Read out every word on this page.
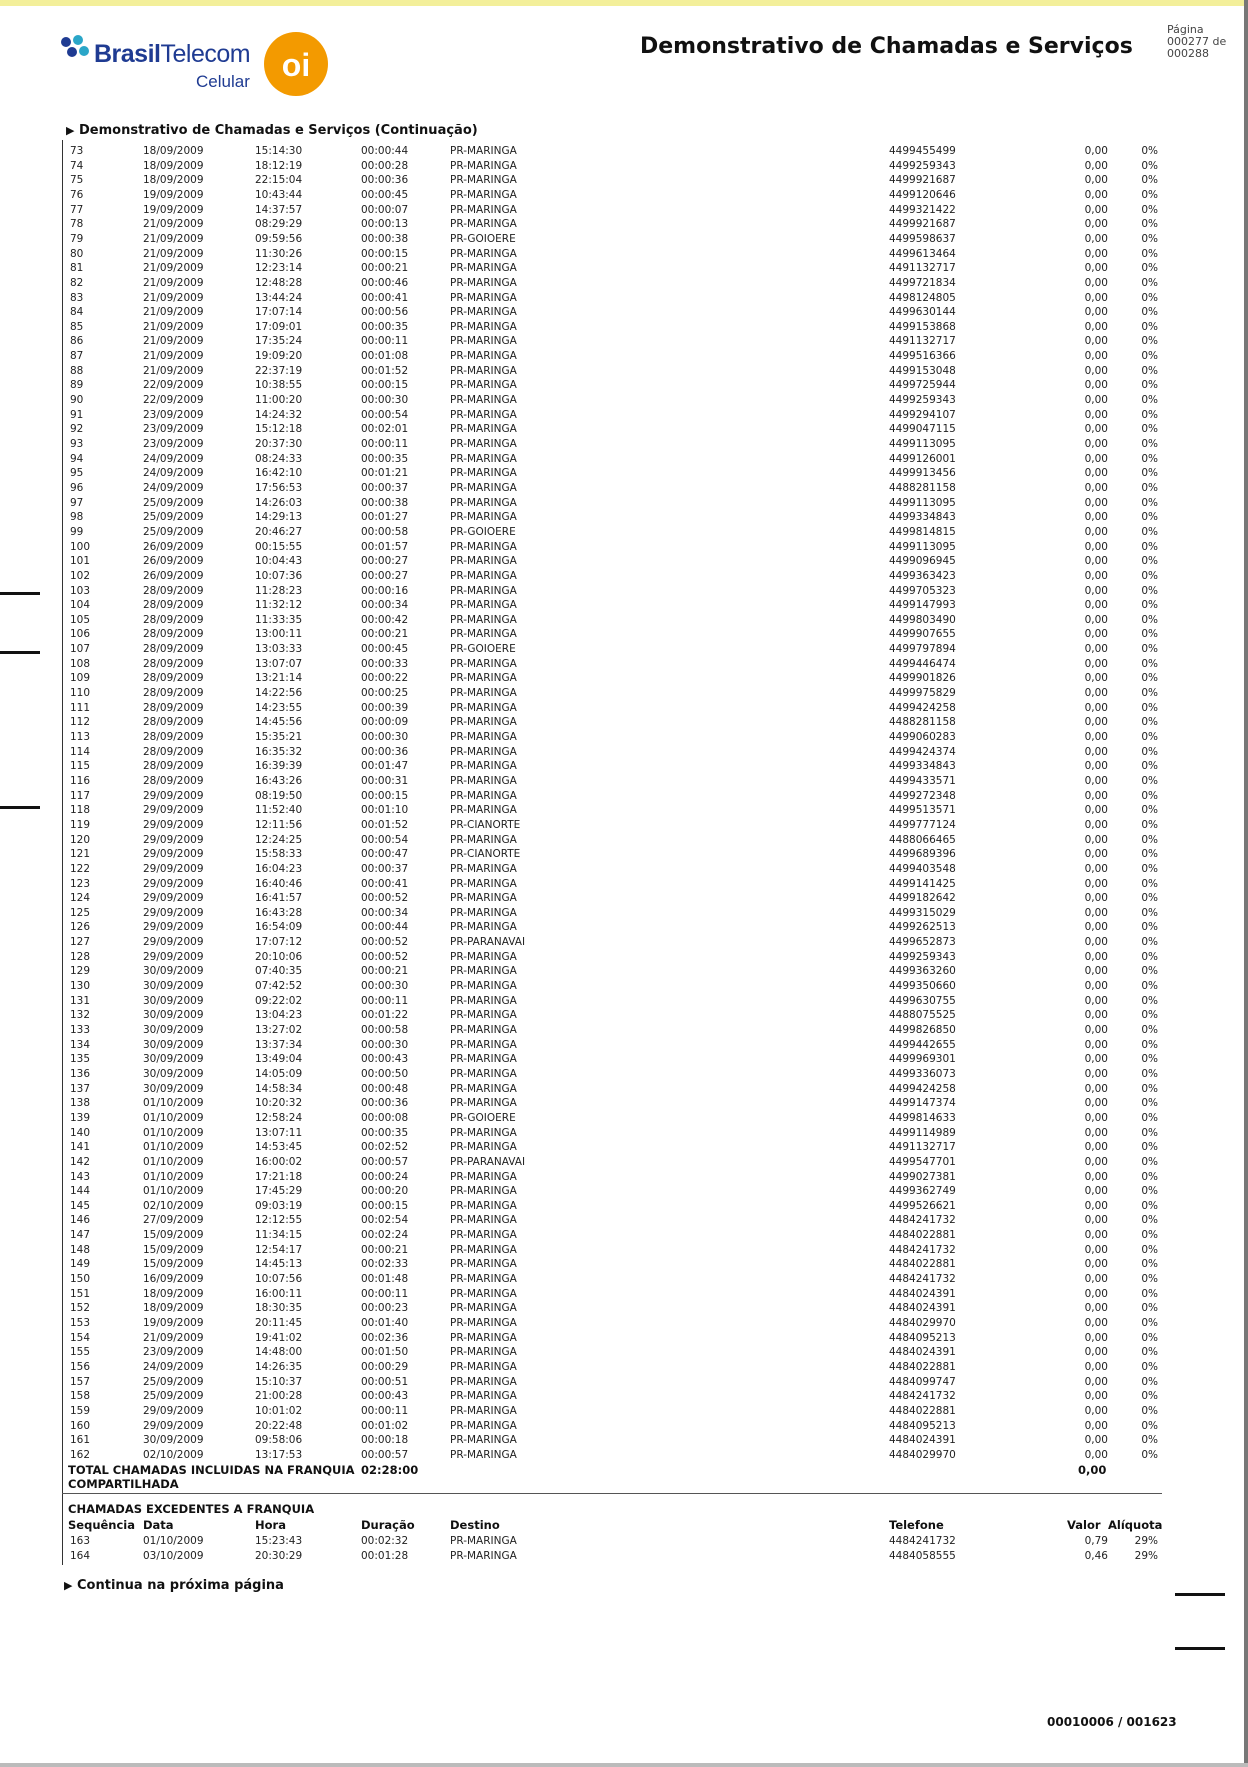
BrasilTelecom
Celular oi
Demonstrativo de Chamadas e Serviços
Página
000277 de
000288
▶ Demonstrativo de Chamadas e Serviços (Continuação)
73	18/09/2009	15:14:30	00:00:44	PR-MARINGA	4499455499	0,00	0%
74	18/09/2009	18:12:19	00:00:28	PR-MARINGA	4499259343	0,00	0%
75	18/09/2009	22:15:04	00:00:36	PR-MARINGA	4499921687	0,00	0%
76	19/09/2009	10:43:44	00:00:45	PR-MARINGA	4499120646	0,00	0%
77	19/09/2009	14:37:57	00:00:07	PR-MARINGA	4499321422	0,00	0%
78	21/09/2009	08:29:29	00:00:13	PR-MARINGA	4499921687	0,00	0%
79	21/09/2009	09:59:56	00:00:38	PR-GOIOERE	4499598637	0,00	0%
80	21/09/2009	11:30:26	00:00:15	PR-MARINGA	4499613464	0,00	0%
81	21/09/2009	12:23:14	00:00:21	PR-MARINGA	4491132717	0,00	0%
82	21/09/2009	12:48:28	00:00:46	PR-MARINGA	4499721834	0,00	0%
83	21/09/2009	13:44:24	00:00:41	PR-MARINGA	4498124805	0,00	0%
84	21/09/2009	17:07:14	00:00:56	PR-MARINGA	4499630144	0,00	0%
85	21/09/2009	17:09:01	00:00:35	PR-MARINGA	4499153868	0,00	0%
86	21/09/2009	17:35:24	00:00:11	PR-MARINGA	4491132717	0,00	0%
87	21/09/2009	19:09:20	00:01:08	PR-MARINGA	4499516366	0,00	0%
88	21/09/2009	22:37:19	00:01:52	PR-MARINGA	4499153048	0,00	0%
89	22/09/2009	10:38:55	00:00:15	PR-MARINGA	4499725944	0,00	0%
90	22/09/2009	11:00:20	00:00:30	PR-MARINGA	4499259343	0,00	0%
91	23/09/2009	14:24:32	00:00:54	PR-MARINGA	4499294107	0,00	0%
92	23/09/2009	15:12:18	00:02:01	PR-MARINGA	4499047115	0,00	0%
93	23/09/2009	20:37:30	00:00:11	PR-MARINGA	4499113095	0,00	0%
94	24/09/2009	08:24:33	00:00:35	PR-MARINGA	4499126001	0,00	0%
95	24/09/2009	16:42:10	00:01:21	PR-MARINGA	4499913456	0,00	0%
96	24/09/2009	17:56:53	00:00:37	PR-MARINGA	4488281158	0,00	0%
97	25/09/2009	14:26:03	00:00:38	PR-MARINGA	4499113095	0,00	0%
98	25/09/2009	14:29:13	00:01:27	PR-MARINGA	4499334843	0,00	0%
99	25/09/2009	20:46:27	00:00:58	PR-GOIOERE	4499814815	0,00	0%
100	26/09/2009	00:15:55	00:01:57	PR-MARINGA	4499113095	0,00	0%
101	26/09/2009	10:04:43	00:00:27	PR-MARINGA	4499096945	0,00	0%
102	26/09/2009	10:07:36	00:00:27	PR-MARINGA	4499363423	0,00	0%
103	28/09/2009	11:28:23	00:00:16	PR-MARINGA	4499705323	0,00	0%
104	28/09/2009	11:32:12	00:00:34	PR-MARINGA	4499147993	0,00	0%
105	28/09/2009	11:33:35	00:00:42	PR-MARINGA	4499803490	0,00	0%
106	28/09/2009	13:00:11	00:00:21	PR-MARINGA	4499907655	0,00	0%
107	28/09/2009	13:03:33	00:00:45	PR-GOIOERE	4499797894	0,00	0%
108	28/09/2009	13:07:07	00:00:33	PR-MARINGA	4499446474	0,00	0%
109	28/09/2009	13:21:14	00:00:22	PR-MARINGA	4499901826	0,00	0%
110	28/09/2009	14:22:56	00:00:25	PR-MARINGA	4499975829	0,00	0%
111	28/09/2009	14:23:55	00:00:39	PR-MARINGA	4499424258	0,00	0%
112	28/09/2009	14:45:56	00:00:09	PR-MARINGA	4488281158	0,00	0%
113	28/09/2009	15:35:21	00:00:30	PR-MARINGA	4499060283	0,00	0%
114	28/09/2009	16:35:32	00:00:36	PR-MARINGA	4499424374	0,00	0%
115	28/09/2009	16:39:39	00:01:47	PR-MARINGA	4499334843	0,00	0%
116	28/09/2009	16:43:26	00:00:31	PR-MARINGA	4499433571	0,00	0%
117	29/09/2009	08:19:50	00:00:15	PR-MARINGA	4499272348	0,00	0%
118	29/09/2009	11:52:40	00:01:10	PR-MARINGA	4499513571	0,00	0%
119	29/09/2009	12:11:56	00:01:52	PR-CIANORTE	4499777124	0,00	0%
120	29/09/2009	12:24:25	00:00:54	PR-MARINGA	4488066465	0,00	0%
121	29/09/2009	15:58:33	00:00:47	PR-CIANORTE	4499689396	0,00	0%
122	29/09/2009	16:04:23	00:00:37	PR-MARINGA	4499403548	0,00	0%
123	29/09/2009	16:40:46	00:00:41	PR-MARINGA	4499141425	0,00	0%
124	29/09/2009	16:41:57	00:00:52	PR-MARINGA	4499182642	0,00	0%
125	29/09/2009	16:43:28	00:00:34	PR-MARINGA	4499315029	0,00	0%
126	29/09/2009	16:54:09	00:00:44	PR-MARINGA	4499262513	0,00	0%
127	29/09/2009	17:07:12	00:00:52	PR-PARANAVAI	4499652873	0,00	0%
128	29/09/2009	20:10:06	00:00:52	PR-MARINGA	4499259343	0,00	0%
129	30/09/2009	07:40:35	00:00:21	PR-MARINGA	4499363260	0,00	0%
130	30/09/2009	07:42:52	00:00:30	PR-MARINGA	4499350660	0,00	0%
131	30/09/2009	09:22:02	00:00:11	PR-MARINGA	4499630755	0,00	0%
132	30/09/2009	13:04:23	00:01:22	PR-MARINGA	4488075525	0,00	0%
133	30/09/2009	13:27:02	00:00:58	PR-MARINGA	4499826850	0,00	0%
134	30/09/2009	13:37:34	00:00:30	PR-MARINGA	4499442655	0,00	0%
135	30/09/2009	13:49:04	00:00:43	PR-MARINGA	4499969301	0,00	0%
136	30/09/2009	14:05:09	00:00:50	PR-MARINGA	4499336073	0,00	0%
137	30/09/2009	14:58:34	00:00:48	PR-MARINGA	4499424258	0,00	0%
138	01/10/2009	10:20:32	00:00:36	PR-MARINGA	4499147374	0,00	0%
139	01/10/2009	12:58:24	00:00:08	PR-GOIOERE	4499814633	0,00	0%
140	01/10/2009	13:07:11	00:00:35	PR-MARINGA	4499114989	0,00	0%
141	01/10/2009	14:53:45	00:02:52	PR-MARINGA	4491132717	0,00	0%
142	01/10/2009	16:00:02	00:00:57	PR-PARANAVAI	4499547701	0,00	0%
143	01/10/2009	17:21:18	00:00:24	PR-MARINGA	4499027381	0,00	0%
144	01/10/2009	17:45:29	00:00:20	PR-MARINGA	4499362749	0,00	0%
145	02/10/2009	09:03:19	00:00:15	PR-MARINGA	4499526621	0,00	0%
146	27/09/2009	12:12:55	00:02:54	PR-MARINGA	4484241732	0,00	0%
147	15/09/2009	11:34:15	00:02:24	PR-MARINGA	4484022881	0,00	0%
148	15/09/2009	12:54:17	00:00:21	PR-MARINGA	4484241732	0,00	0%
149	15/09/2009	14:45:13	00:02:33	PR-MARINGA	4484022881	0,00	0%
150	16/09/2009	10:07:56	00:01:48	PR-MARINGA	4484241732	0,00	0%
151	18/09/2009	16:00:11	00:00:11	PR-MARINGA	4484024391	0,00	0%
152	18/09/2009	18:30:35	00:00:23	PR-MARINGA	4484024391	0,00	0%
153	19/09/2009	20:11:45	00:01:40	PR-MARINGA	4484029970	0,00	0%
154	21/09/2009	19:41:02	00:02:36	PR-MARINGA	4484095213	0,00	0%
155	23/09/2009	14:48:00	00:01:50	PR-MARINGA	4484024391	0,00	0%
156	24/09/2009	14:26:35	00:00:29	PR-MARINGA	4484022881	0,00	0%
157	25/09/2009	15:10:37	00:00:51	PR-MARINGA	4484099747	0,00	0%
158	25/09/2009	21:00:28	00:00:43	PR-MARINGA	4484241732	0,00	0%
159	29/09/2009	10:01:02	00:00:11	PR-MARINGA	4484022881	0,00	0%
160	29/09/2009	20:22:48	00:01:02	PR-MARINGA	4484095213	0,00	0%
161	30/09/2009	09:58:06	00:00:18	PR-MARINGA	4484024391	0,00	0%
162	02/10/2009	13:17:53	00:00:57	PR-MARINGA	4484029970	0,00	0%
TOTAL CHAMADAS INCLUIDAS NA FRANQUIA COMPARTILHADA
02:28:00	0,00
CHAMADAS EXCEDENTES A FRANQUIA
Sequência Data	Hora	Duração	Destino	Telefone	Valor Alíquota
163	01/10/2009	15:23:43	00:02:32	PR-MARINGA	4484241732	0,79	29%
164	03/10/2009	20:30:29	00:01:28	PR-MARINGA	4484058555	0,46	29%
▶ Continua na próxima página
00010006 / 001623
